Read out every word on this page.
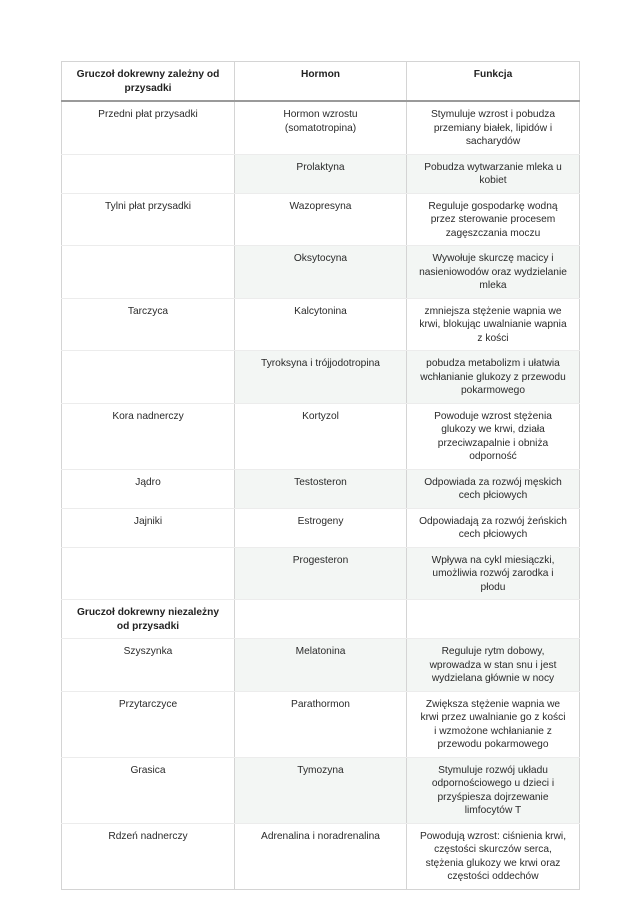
Gruczoł dokrewny zależny od przysadki	Hormon	Funkcja
Przedni płat przysadki	Hormon wzrostu (somatotropina)	Stymuluje wzrost i pobudza przemiany białek, lipidów i sacharydów
	Prolaktyna	Pobudza wytwarzanie mleka u kobiet
Tylni płat przysadki	Wazopresyna	Reguluje gospodarkę wodną przez sterowanie procesem zagęszczania moczu
	Oksytocyna	Wywołuje skurczę macicy i nasieniowodów oraz wydzielanie mleka
Tarczyca	Kalcytonina	zmniejsza stężenie wapnia we krwi, blokując uwalnianie wapnia z kości
	Tyroksyna i trójjodotropina	pobudza metabolizm i ułatwia wchłanianie glukozy z przewodu pokarmowego
Kora nadnerczy	Kortyzol	Powoduje wzrost stężenia glukozy we krwi, działa przeciwzapalnie i obniża odporność
Jądro	Testosteron	Odpowiada za rozwój męskich cech płciowych
Jajniki	Estrogeny	Odpowiadają za rozwój żeńskich cech płciowych
	Progesteron	Wpływa na cykl miesiączki, umożliwia rozwój zarodka i płodu
Gruczoł dokrewny niezależny od przysadki		
Szyszynka	Melatonina	Reguluje rytm dobowy, wprowadza w stan snu i jest wydzielana głównie w nocy
Przytarczyce	Parathormon	Zwiększa stężenie wapnia we krwi przez uwalnianie go z kości i wzmożone wchłanianie z przewodu pokarmowego
Grasica	Tymozyna	Stymuluje rozwój układu odpornościowego u dzieci i przyśpiesza dojrzewanie limfocytów T
Rdzeń nadnerczy	Adrenalina i noradrenalina	Powodują wzrost: ciśnienia krwi, częstości skurczów serca, stężenia glukozy we krwi oraz częstości oddechów
